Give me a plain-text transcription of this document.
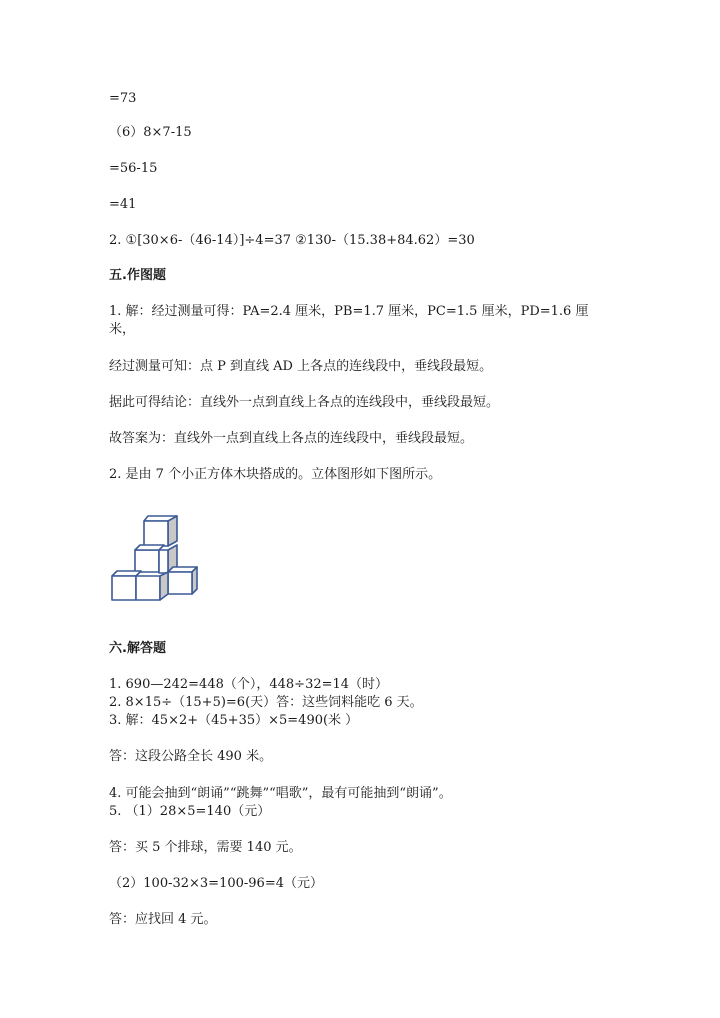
=73
（6）8×7-15
=56-15
=41
2. ①[30×6-（46-14）]÷4=37 ②130-（15.38+84.62）=30
五.作图题
1. 解：经过测量可得：PA=2.4 厘米，PB=1.7 厘米，PC=1.5 厘米，PD=1.6 厘
米，
经过测量可知：点 P 到直线 AD 上各点的连线段中，垂线段最短。
据此可得结论：直线外一点到直线上各点的连线段中，垂线段最短。
故答案为：直线外一点到直线上各点的连线段中，垂线段最短。
2. 是由 7 个小正方体木块搭成的。立体图形如下图所示。
六.解答题
1. 690—242=448（个），448÷32=14（时）
2. 8×15÷（15+5)=6(天）答：这些饲料能吃 6 天。
3. 解：45×2+（45+35）×5=490(米 ）
答：这段公路全长 490 米。
4. 可能会抽到“朗诵”“跳舞”“唱歌”，最有可能抽到“朗诵”。
5. （1）28×5=140（元）
答：买 5 个排球，需要 140 元。
（2）100-32×3=100-96=4（元）
答：应找回 4 元。
